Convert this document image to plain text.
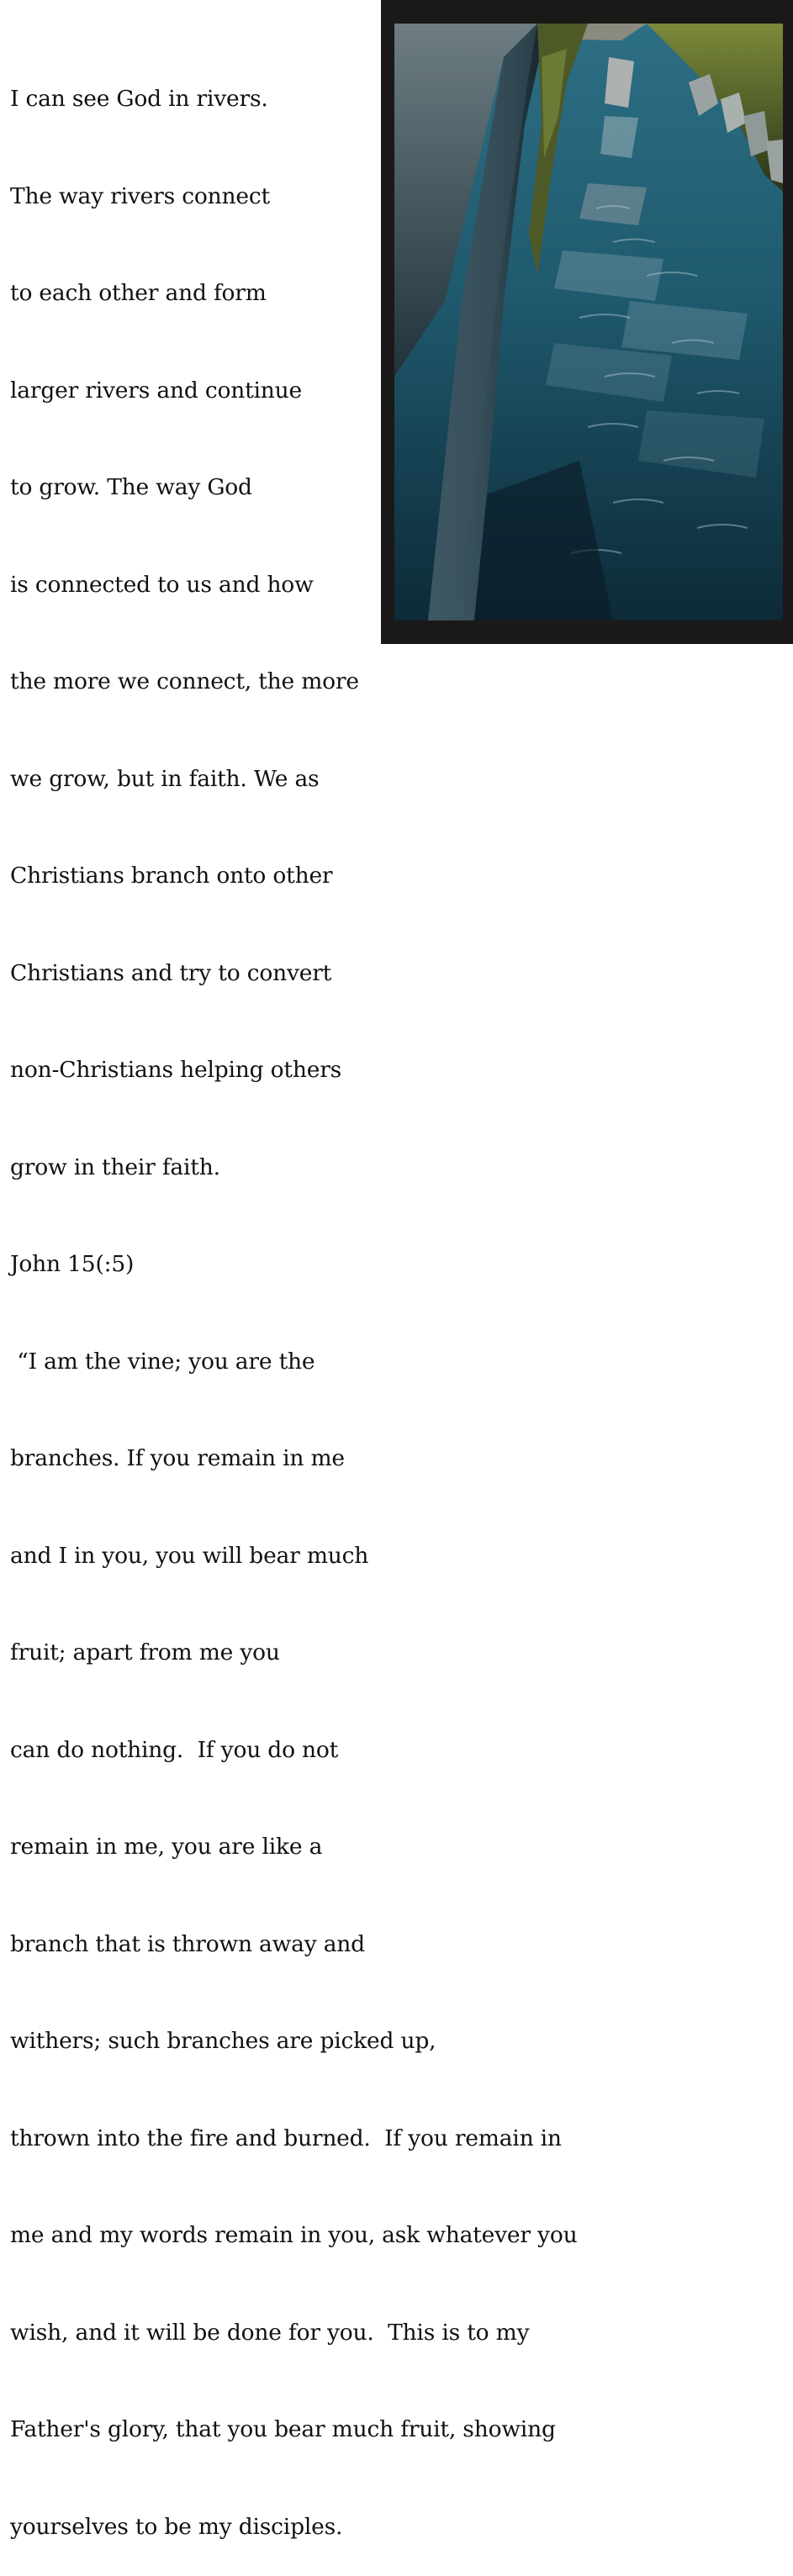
I can see God in rivers.

The way rivers connect

to each other and form

larger rivers and continue

to grow. The way God

is connected to us and how

the more we connect, the more

we grow, but in faith. We as

Christians branch onto other

Christians and try to convert

non-Christians helping others

grow in their faith.

John 15(:5)

“I am the vine; you are the

branches. If you remain in me

and I in you, you will bear much

fruit; apart from me you

can do nothing.  If you do not

remain in me, you are like a

branch that is thrown away and

withers; such branches are picked up,

thrown into the fire and burned.  If you remain in

me and my words remain in you, ask whatever you

wish, and it will be done for you.  This is to my

Father's glory, that you bear much fruit, showing

yourselves to be my disciples.
